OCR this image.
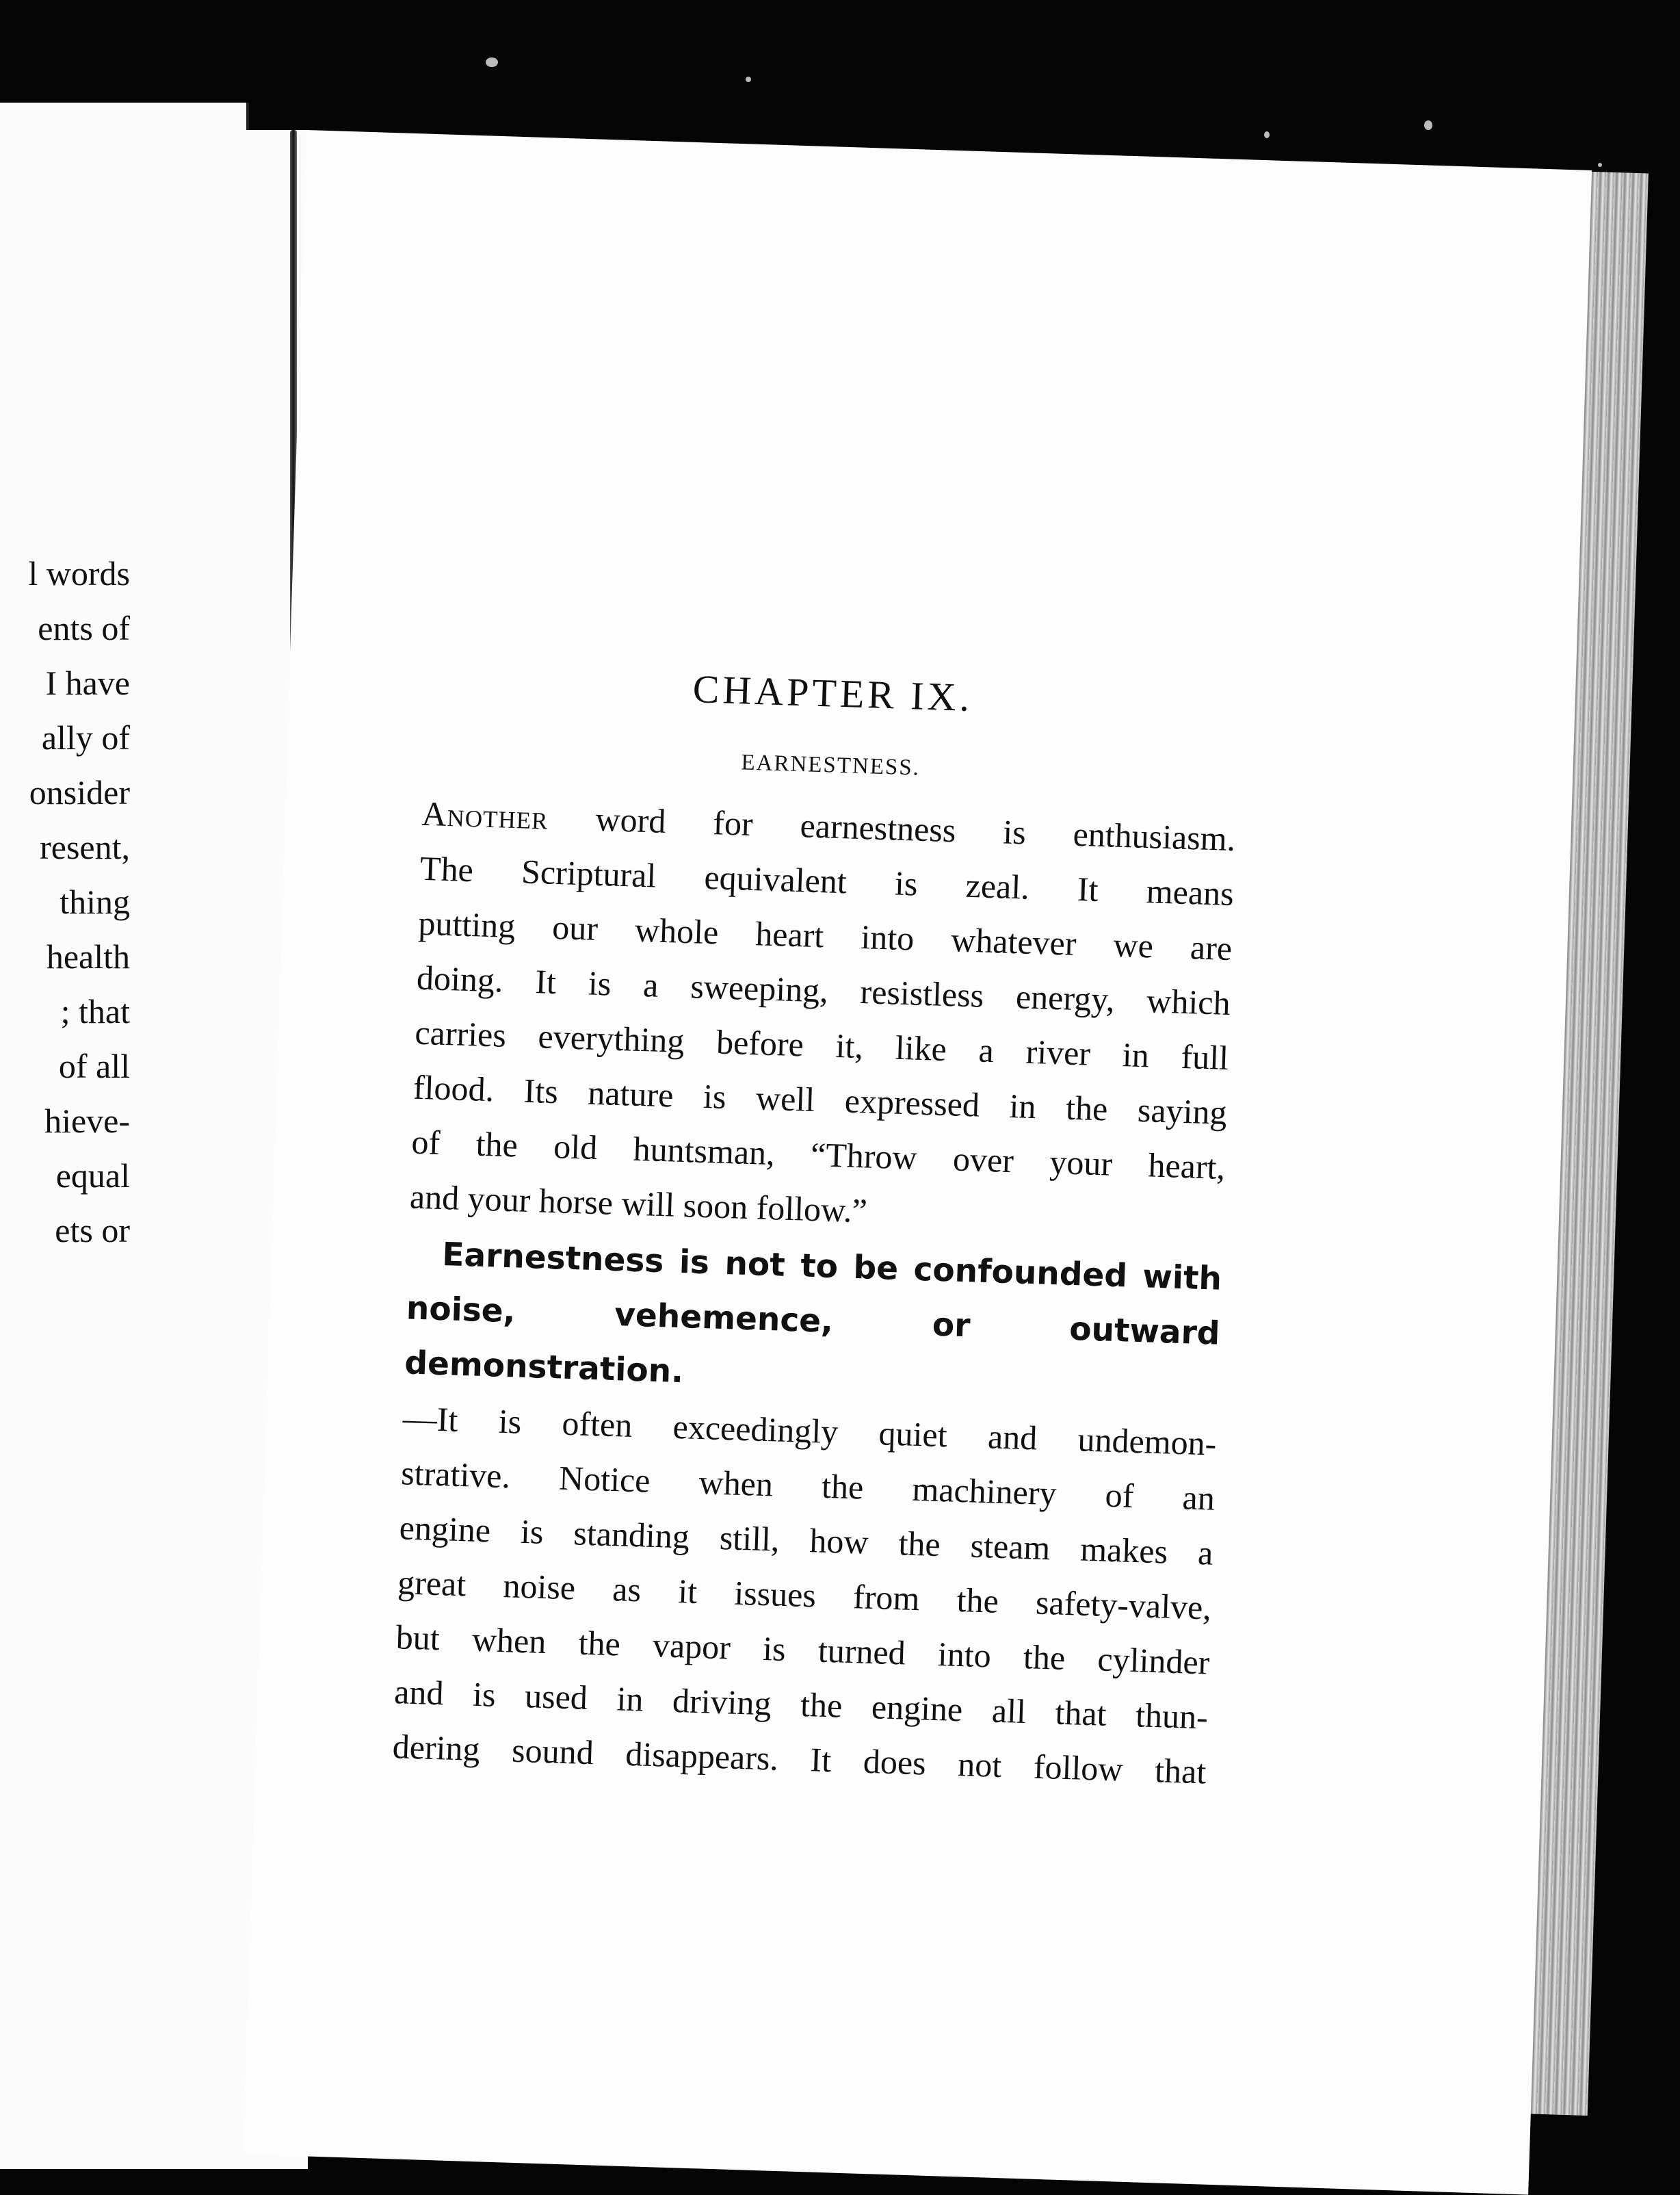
l words
ents of
I have
ally of
onsider
resent,
thing
health
; that
of all
hieve-
equal
ets or
CHAPTER IX.
EARNESTNESS.
Another word for earnestness is enthusiasm.
The Scriptural equivalent is zeal. It means
putting our whole heart into whatever we are
doing. It is a sweeping, resistless energy, which
carries everything before it, like a river in full
flood. Its nature is well expressed in the saying
of the old huntsman, “Throw over your heart,
and your horse will soon follow.”
Earnestness is not to be confounded with
noise, vehemence, or outward demonstration.
—It is often exceedingly quiet and undemon-
strative. Notice when the machinery of an
engine is standing still, how the steam makes a
great noise as it issues from the safety-valve,
but when the vapor is turned into the cylinder
and is used in driving the engine all that thun-
dering sound disappears. It does not follow that
